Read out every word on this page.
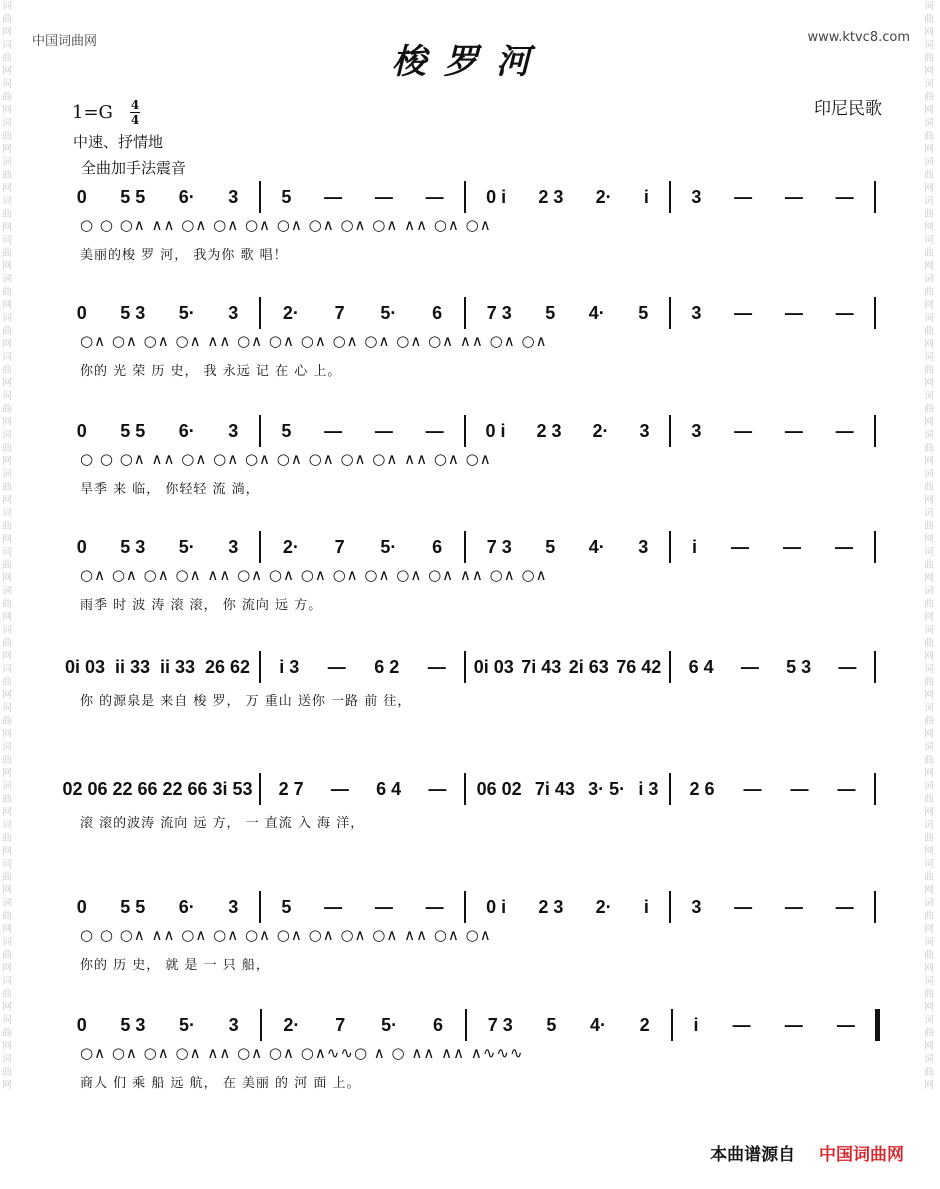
词曲网词曲网词曲网词曲网词曲网词曲网词曲网词曲网词曲网词曲网词曲网词曲网词曲网词曲网词曲网词曲网词曲网词曲网词曲网词曲网词曲网词曲网词曲网词曲网词曲网词曲网词曲网词曲网
词曲网词曲网词曲网词曲网词曲网词曲网词曲网词曲网词曲网词曲网词曲网词曲网词曲网词曲网词曲网词曲网词曲网词曲网词曲网词曲网词曲网词曲网词曲网词曲网词曲网词曲网词曲网词曲网
中国词曲网	www.ktvc8.com
梭罗河
印尼民歌
1=G 4
4
中速、抒情地
全曲加手法震音
0 5 5 6· 3 5 — — — 0 i 2 3 2· i 3 — — —
○ ○ ○∧ ∧∧ ○∧ ○∧ ○∧ ○∧ ○∧ ○∧ ○∧ ∧∧ ○∧ ○∧
美丽的梭 罗 河， 我为你 歌 唱！
0 5 3 5· 3 2· 7 5· 6 7 3 5 4· 5 3 — — —
○∧ ○∧ ○∧ ○∧ ∧∧ ○∧ ○∧ ○∧ ○∧ ○∧ ○∧ ○∧ ∧∧ ○∧ ○∧
你的 光 荣 历 史， 我 永远 记 在 心 上。
0 5 5 6· 3 5 — — — 0 i 2 3 2· 3 3 — — —
○ ○ ○∧ ∧∧ ○∧ ○∧ ○∧ ○∧ ○∧ ○∧ ○∧ ∧∧ ○∧ ○∧
旱季 来 临， 你轻轻 流 淌，
0 5 3 5· 3 2· 7 5· 6 7 3 5 4· 3 i — — —
○∧ ○∧ ○∧ ○∧ ∧∧ ○∧ ○∧ ○∧ ○∧ ○∧ ○∧ ○∧ ∧∧ ○∧ ○∧
雨季 时 波 涛 滚 滚， 你 流向 远 方。
0i 03 ii 33 ii 33 26 62 i 3 — 6 2 — 0i 03 7i 43 2i 63 76 42 6 4 — 5 3 —
你 的源泉是 来自 梭 罗， 万 重山 送你 一路 前 往，
02 06 22 66 22 66 3i 53 2 7 — 6 4 — 06 02 7i 43 3· 5· i 3 2 6 — — —
滚 滚的波涛 流向 远 方， 一 直流 入 海 洋，
0 5 5 6· 3 5 — — — 0 i 2 3 2· i 3 — — —
○ ○ ○∧ ∧∧ ○∧ ○∧ ○∧ ○∧ ○∧ ○∧ ○∧ ∧∧ ○∧ ○∧
你的 历 史， 就 是 一 只 船，
0 5 3 5· 3 2· 7 5· 6 7 3 5 4· 2 i — — —
○∧ ○∧ ○∧ ○∧ ∧∧ ○∧ ○∧ ○∧∿∿○ ∧ ○ ∧∧ ∧∧ ∧∿∿∿
商人 们 乘 船 远 航， 在 美丽 的 河 面 上。
本曲谱源自 中国词曲网
